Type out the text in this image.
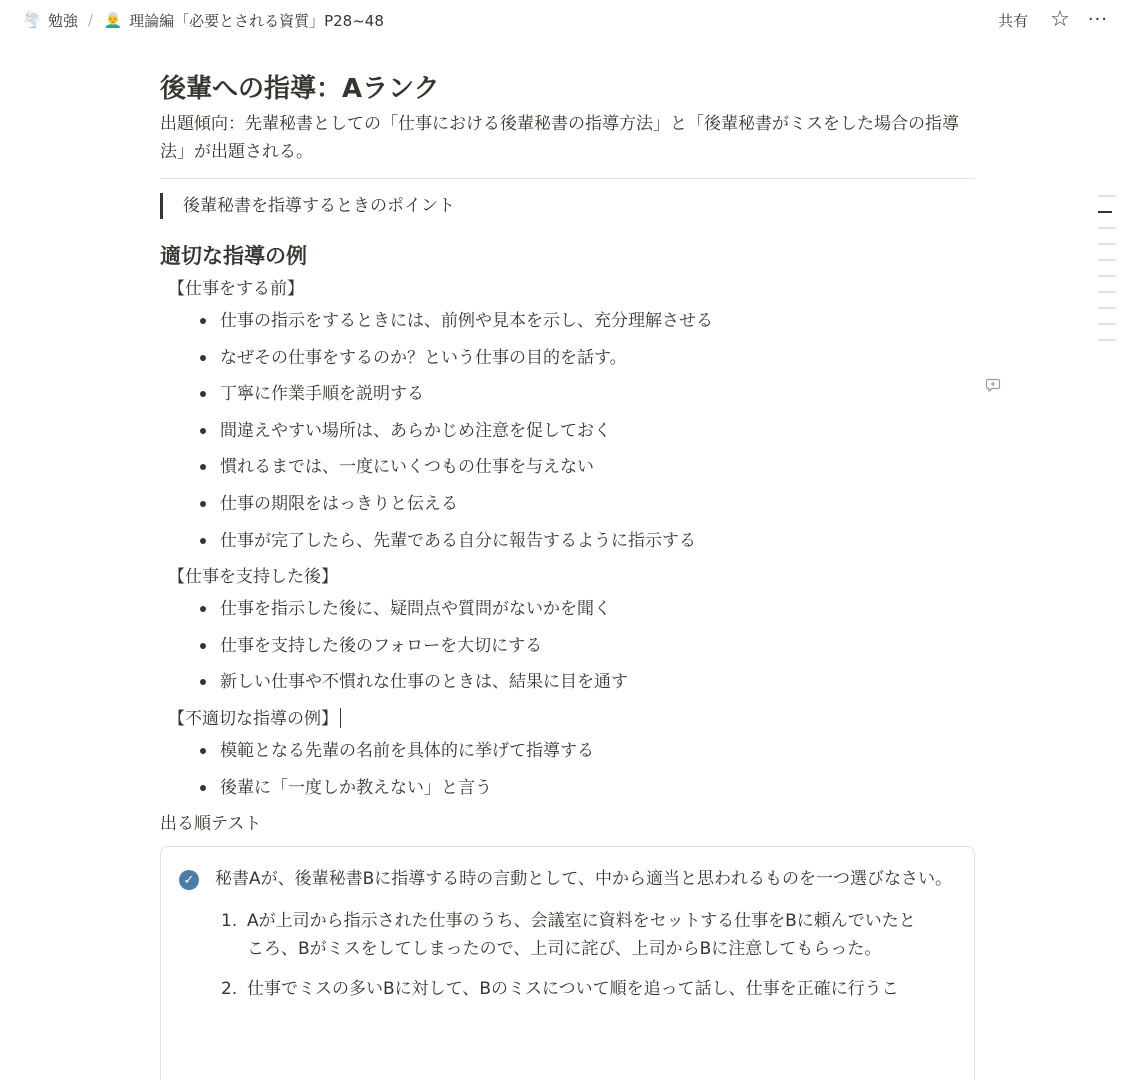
🌪️ 勉強 / 👨‍🦳 理論編「必要とされる資質」P28~48	共有 ☆ ···
後輩への指導：Aランク

出題傾向：先輩秘書としての「仕事における後輩秘書の指導方法」と「後輩秘書がミスをした場合の指導法」が出題される。

後輩秘書を指導するときのポイント
適切な指導の例
【仕事をする前】
仕事の指示をするときには、前例や見本を示し、充分理解させる
なぜその仕事をするのか？という仕事の目的を話す。
丁寧に作業手順を説明する
間違えやすい場所は、あらかじめ注意を促しておく
慣れるまでは、一度にいくつもの仕事を与えない
仕事の期限をはっきりと伝える
仕事が完了したら、先輩である自分に報告するように指示する
【仕事を支持した後】
仕事を指示した後に、疑問点や質問がないかを聞く
仕事を支持した後のフォローを大切にする
新しい仕事や不慣れな仕事のときは、結果に目を通す
【不適切な指導の例】
模範となる先輩の名前を具体的に挙げて指導する
後輩に「一度しか教えない」と言う
出る順テスト
✓ 秘書Aが、後輩秘書Bに指導する時の言動として、中から適当と思われるものを一つ選びなさい。
1. Aが上司から指示された仕事のうち、会議室に資料をセットする仕事をBに頼んでいたところ、Bがミスをしてしまったので、上司に詫び、上司からBに注意してもらった。
2. 仕事でミスの多いBに対して、Bのミスについて順を追って話し、仕事を正確に行うこ
